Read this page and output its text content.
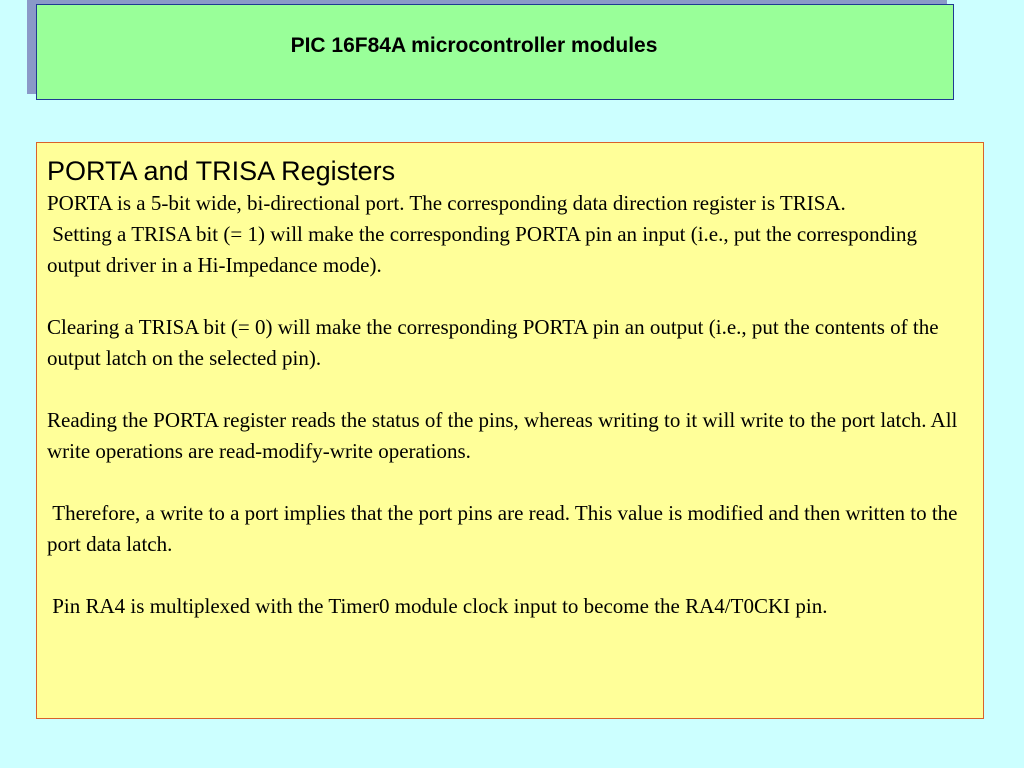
PIC 16F84A microcontroller modules
PORTA and TRISA Registers

PORTA is a 5-bit wide, bi-directional port. The corresponding data direction register is TRISA.

Setting a TRISA bit (= 1) will make the corresponding PORTA pin an input (i.e., put the corresponding output driver in a Hi-Impedance mode).

Clearing a TRISA bit (= 0) will make the corresponding PORTA pin an output (i.e., put the contents of the output latch on the selected pin).

Reading the PORTA register reads the status of the pins, whereas writing to it will write to the port latch. All write operations are read-modify-write operations.

Therefore, a write to a port implies that the port pins are read. This value is modified and then written to the port data latch.

Pin RA4 is multiplexed with the Timer0 module clock input to become the RA4/T0CKI pin.
